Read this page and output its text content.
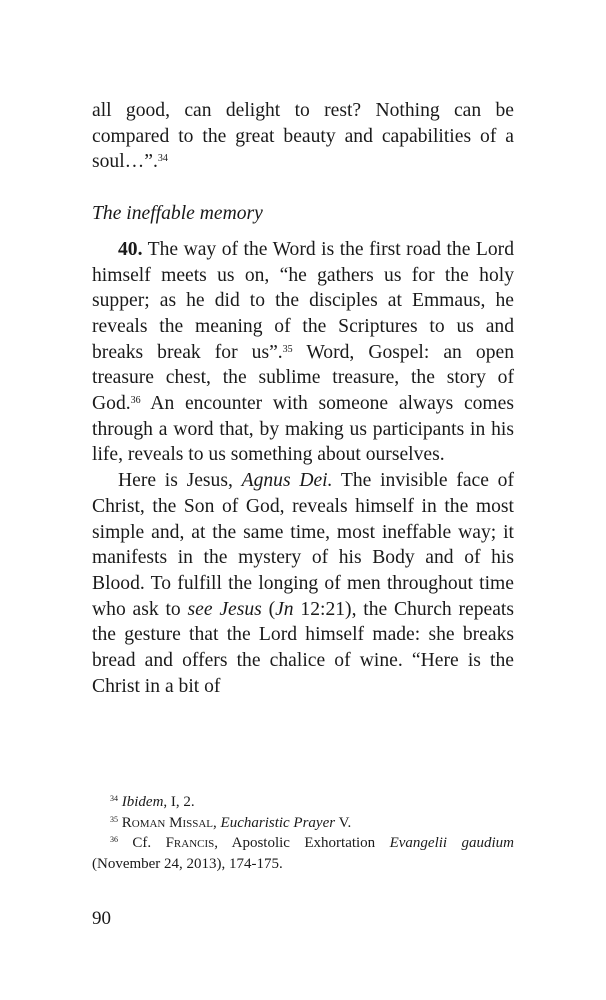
all good, can delight to rest? Nothing can be compared to the great beauty and capabilities of a soul…”.$^{34}$

The ineffable memory

40. The way of the Word is the first road the Lord himself meets us on, “he gathers us for the holy supper; as he did to the disciples at Emmaus, he reveals the meaning of the Scriptures to us and breaks break for us”.$^{35}$ Word, Gospel: an open treasure chest, the sublime treasure, the story of God.$^{36}$ An encounter with someone always comes through a word that, by making us participants in his life, reveals to us something about ourselves.

Here is Jesus, Agnus Dei. The invisible face of Christ, the Son of God, reveals himself in the most simple and, at the same time, most ineffable way; it manifests in the mystery of his Body and of his Blood. To fulfill the longing of men throughout time who ask to see Jesus (Jn 12:21), the Church repeats the gesture that the Lord himself made: she breaks bread and offers the chalice of wine. “Here is the Christ in a bit of

$^{34}$ Ibidem, I, 2.

$^{35}$ Roman Missal, Eucharistic Prayer V.

$^{36}$ Cf. Francis, Apostolic Exhortation Evangelii gaudium (November 24, 2013), 174-175.

90
